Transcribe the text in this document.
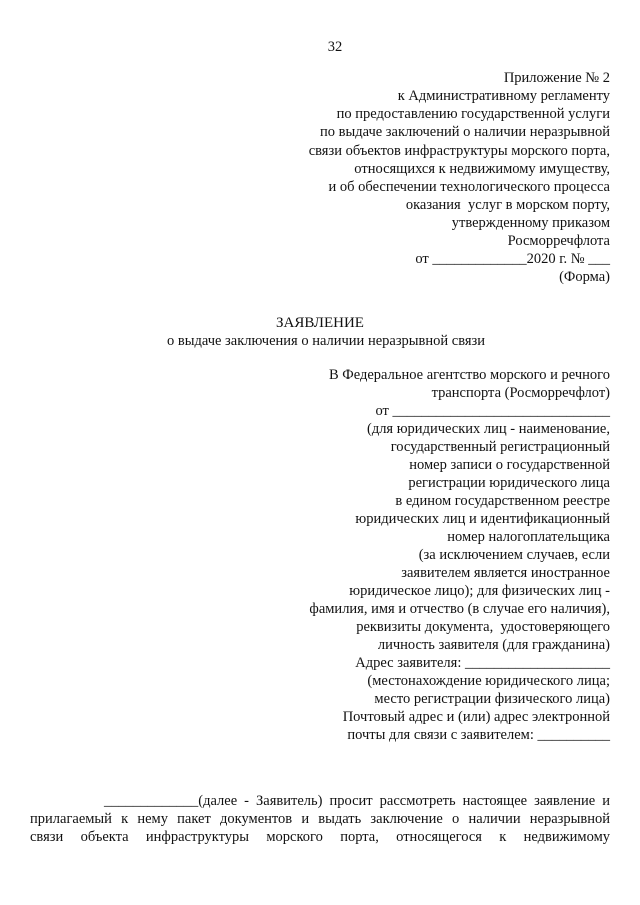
32
Приложение № 2
к Административному регламенту
по предоставлению государственной услуги
по выдаче заключений о наличии неразрывной
связи объектов инфраструктуры морского порта,
относящихся к недвижимому имуществу,
и об обеспечении технологического процесса
оказания  услуг в морском порту,
утвержденному приказом
Росморречфлота
от _____________2020 г. № ___
(Форма)
ЗАЯВЛЕНИЕ
о выдаче заключения о наличии неразрывной связи
В Федеральное агентство морского и речного
транспорта (Росморречфлот)
от ______________________________
(для юридических лиц - наименование,
государственный регистрационный
номер записи о государственной
регистрации юридического лица
в едином государственном реестре
юридических лиц и идентификационный
номер налогоплательщика
(за исключением случаев, если
заявителем является иностранное
юридическое лицо); для физических лиц -
фамилия, имя и отчество (в случае его наличия),
реквизиты документа,  удостоверяющего
личность заявителя (для гражданина)
Адрес заявителя: ____________________
(местонахождение юридического лица;
место регистрации физического лица)
Почтовый адрес и (или) адрес электронной
почты для связи с заявителем: __________
_____________(далее - Заявитель) просит рассмотреть настоящее заявление и
прилагаемый к нему пакет документов и выдать заключение о наличии неразрывной
связи объекта инфраструктуры морского порта, относящегося к недвижимому
